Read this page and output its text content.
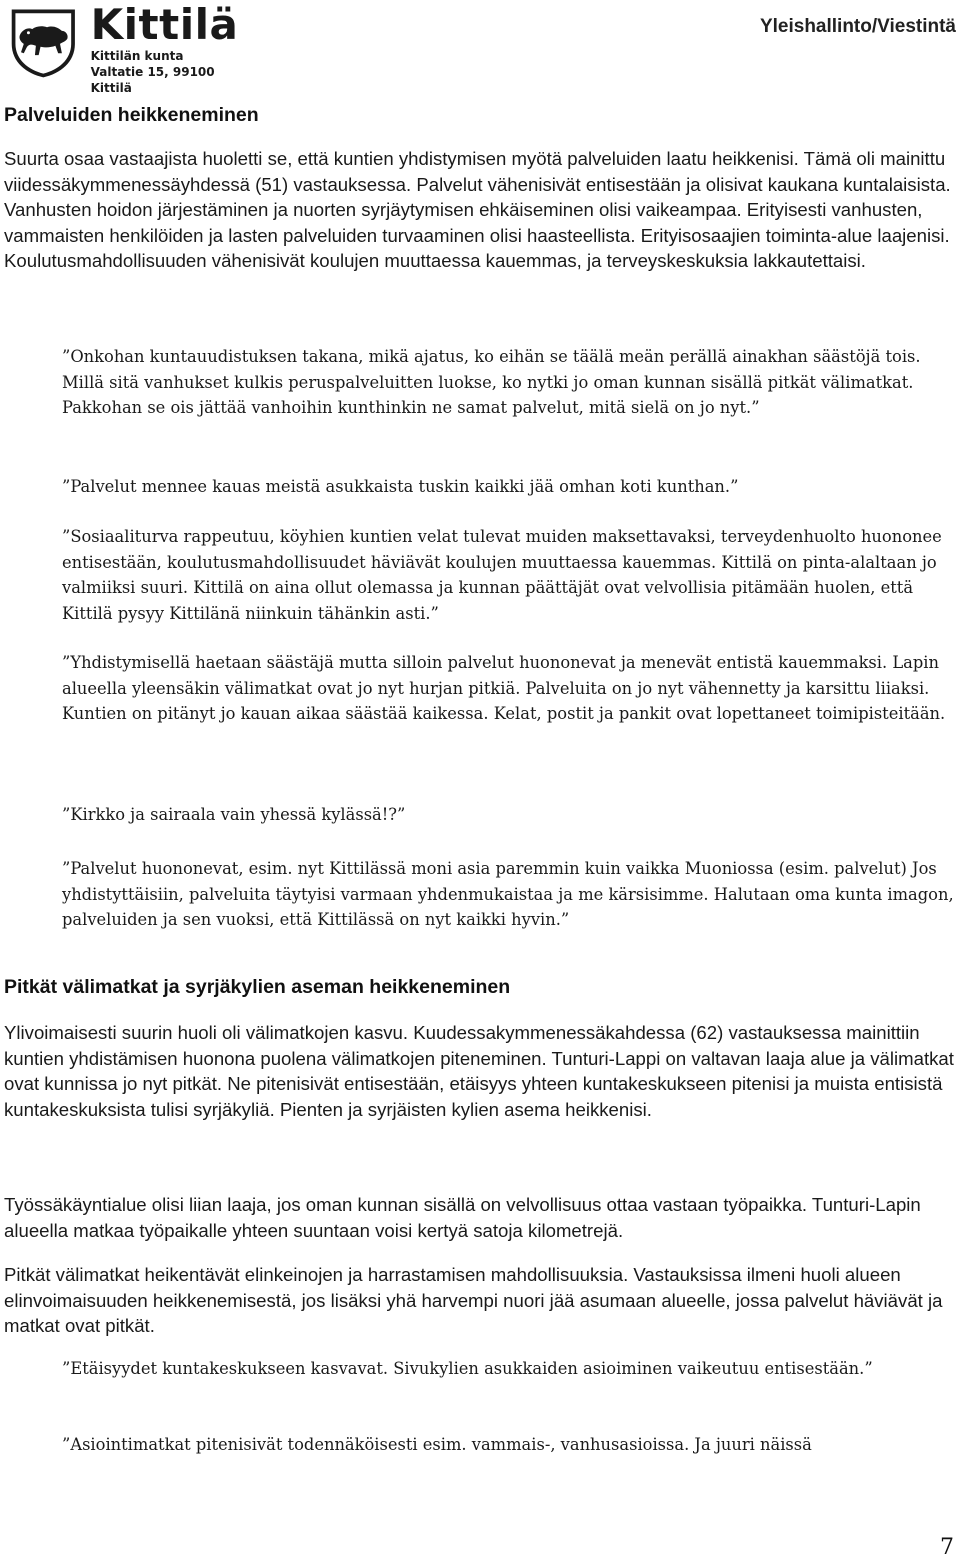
Kittilä
Kittilän kunta
Valtatie 15, 99100 Kittilä
Yleishallinto/Viestintä
Palveluiden heikkeneminen

Suurta osaa vastaajista huoletti se, että kuntien yhdistymisen myötä palveluiden laatu heikkenisi. Tämä oli mainittu viidessäkymmenessäyhdessä (51) vastauksessa. Palvelut vähenisivät entisestään ja olisivat kaukana kuntalaisista. Vanhusten hoidon järjestäminen ja nuorten syrjäytymisen ehkäiseminen olisi vaikeampaa. Erityisesti vanhusten, vammaisten henkilöiden ja lasten palveluiden turvaaminen olisi haasteellista. Erityisosaajien toiminta-alue laajenisi. Koulutusmahdollisuuden vähenisivät koulujen muuttaessa kauemmas, ja terveyskeskuksia lakkautettaisi.

”Onkohan kuntauudistuksen takana, mikä ajatus, ko eihän se täälä meän perällä ainakhan säästöjä tois. Millä sitä vanhukset kulkis peruspalveluitten luokse, ko nytki jo oman kunnan sisällä pitkät välimatkat. Pakkohan se ois jättää vanhoihin kunthinkin ne samat palvelut, mitä sielä on jo nyt.”

”Palvelut mennee kauas meistä asukkaista tuskin kaikki jää omhan koti kunthan.”

”Sosiaaliturva rappeutuu, köyhien kuntien velat tulevat muiden maksettavaksi, terveydenhuolto huononee entisestään, koulutusmahdollisuudet häviävät koulujen muuttaessa kauemmas. Kittilä on pinta-alaltaan jo valmiiksi suuri. Kittilä on aina ollut olemassa ja kunnan päättäjät ovat velvollisia pitämään huolen, että Kittilä pysyy Kittilänä niinkuin tähänkin asti.”

”Yhdistymisellä haetaan säästäjä mutta silloin palvelut huononevat ja menevät entistä kauemmaksi. Lapin alueella yleensäkin välimatkat ovat jo nyt hurjan pitkiä. Palveluita on jo nyt vähennetty ja karsittu liiaksi. Kuntien on pitänyt jo kauan aikaa säästää kaikessa. Kelat, postit ja pankit ovat lopettaneet toimipisteitään.

”Kirkko ja sairaala vain yhessä kylässä!?”

”Palvelut huononevat, esim. nyt Kittilässä moni asia paremmin kuin vaikka Muoniossa (esim. palvelut) Jos yhdistyttäisiin, palveluita täytyisi varmaan yhdenmukaistaa ja me kärsisimme. Halutaan oma kunta imagon, palveluiden ja sen vuoksi, että Kittilässä on nyt kaikki hyvin.”

Pitkät välimatkat ja syrjäkylien aseman heikkeneminen

Ylivoimaisesti suurin huoli oli välimatkojen kasvu. Kuudessakymmenessäkahdessa (62) vastauksessa mainittiin kuntien yhdistämisen huonona puolena välimatkojen piteneminen. Tunturi-Lappi on valtavan laaja alue ja välimatkat ovat kunnissa jo nyt pitkät. Ne pitenisivät entisestään, etäisyys yhteen kuntakeskukseen pitenisi ja muista entisistä kuntakeskuksista tulisi syrjäkyliä. Pienten ja syrjäisten kylien asema heikkenisi.

Työssäkäyntialue olisi liian laaja, jos oman kunnan sisällä on velvollisuus ottaa vastaan työpaikka. Tunturi-Lapin alueella matkaa työpaikalle yhteen suuntaan voisi kertyä satoja kilometrejä.

Pitkät välimatkat heikentävät elinkeinojen ja harrastamisen mahdollisuuksia. Vastauksissa ilmeni huoli alueen elinvoimaisuuden heikkenemisestä, jos lisäksi yhä harvempi nuori jää asumaan alueelle, jossa palvelut häviävät ja matkat ovat pitkät.

”Etäisyydet kuntakeskukseen kasvavat. Sivukylien asukkaiden asioiminen vaikeutuu entisestään.”

”Asiointimatkat pitenisivät todennäköisesti esim. vammais-, vanhusasioissa. Ja juuri näissä

7
